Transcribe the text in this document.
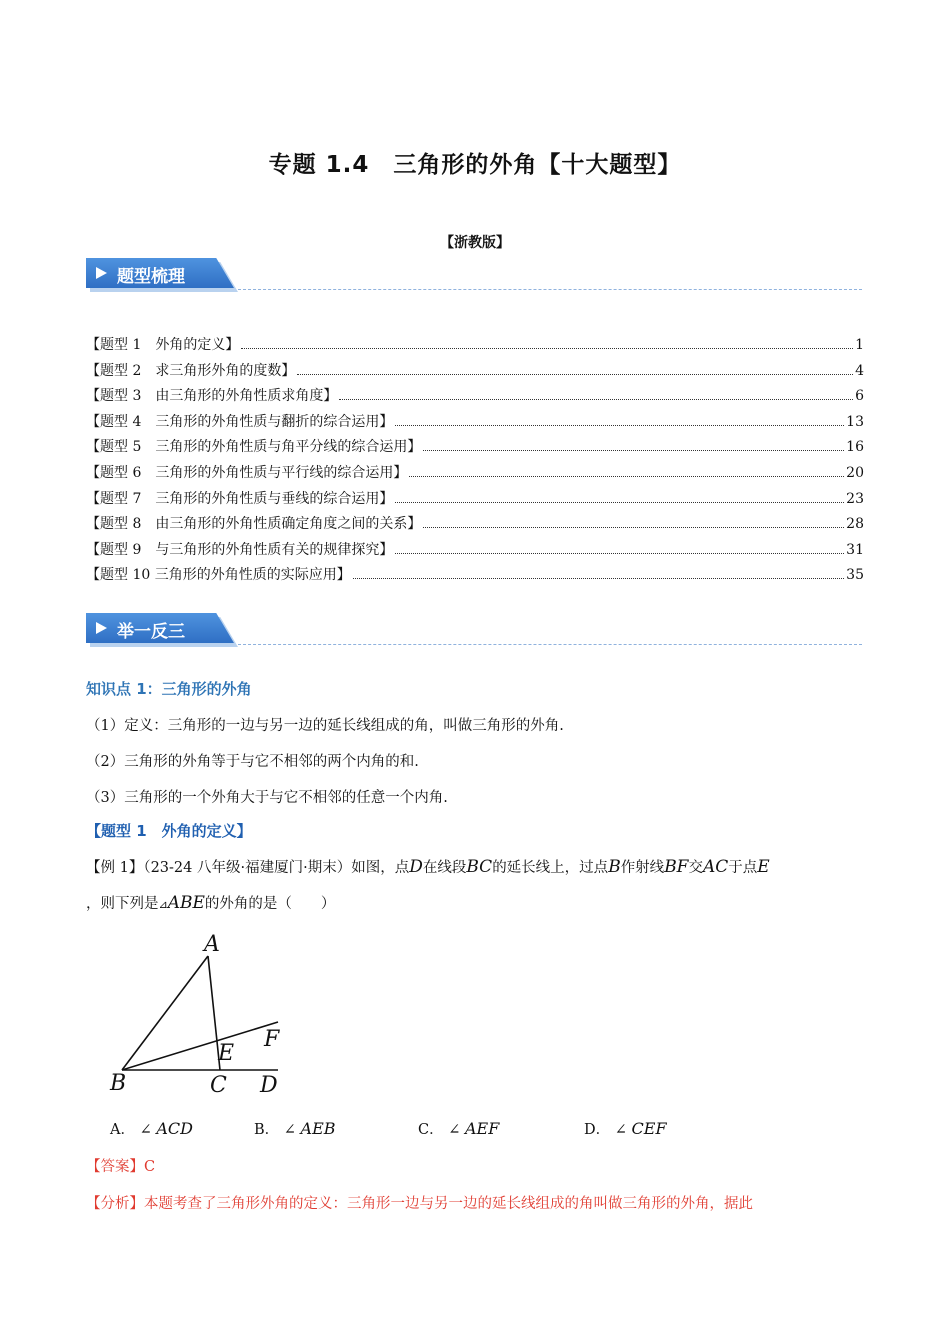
专题 1.4　三角形的外角【十大题型】
【浙教版】
题型梳理
【题型 1　外角的定义】	1
【题型 2　求三角形外角的度数】	4
【题型 3　由三角形的外角性质求角度】	6
【题型 4　三角形的外角性质与翻折的综合运用】	13
【题型 5　三角形的外角性质与角平分线的综合运用】	16
【题型 6　三角形的外角性质与平行线的综合运用】	20
【题型 7　三角形的外角性质与垂线的综合运用】	23
【题型 8　由三角形的外角性质确定角度之间的关系】	28
【题型 9　与三角形的外角性质有关的规律探究】	31
【题型 10 三角形的外角性质的实际应用】	35
举一反三
知识点 1：三角形的外角
（1）定义：三角形的一边与另一边的延长线组成的角，叫做三角形的外角.
（2）三角形的外角等于与它不相邻的两个内角的和.
（3）三角形的一个外角大于与它不相邻的任意一个内角.
【题型 1　外角的定义】
【例 1】（23-24 八年级·福建厦门·期末）如图，点D在线段BC的延长线上，过点B作射线BF交AC于点E
，则下列是⊿ABE的外角的是（　　）
A
B	C D
E
F
A． ∠ ACD	B． ∠ AEB	C． ∠ AEF	D． ∠ CEF
【答案】C
【分析】本题考查了三角形外角的定义：三角形一边与另一边的延长线组成的角叫做三角形的外角，据此
